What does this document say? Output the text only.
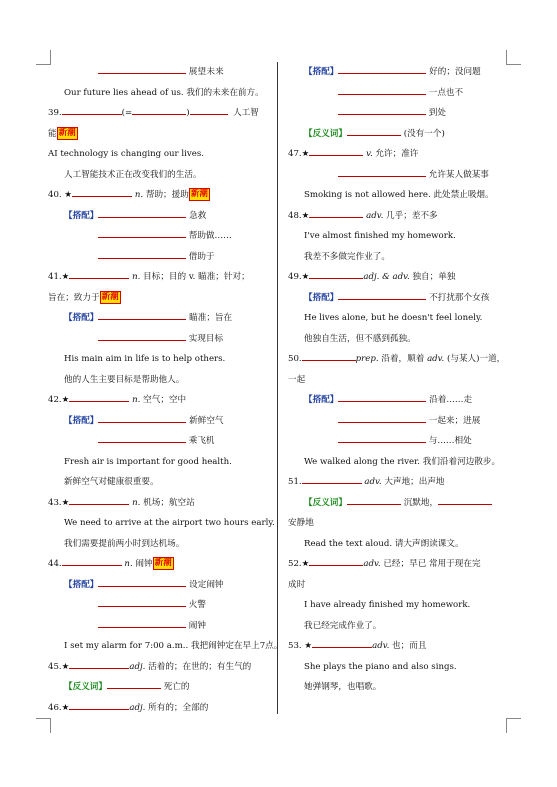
展望未来
Our future lies ahead of us. 我们的未来在前方。
39.	(=	)	人工智
能 新潮
AI technology is changing our lives.
人工智能技术正在改变我们的生活。
40. ★	n. 帮助；援助 新潮
【搭配】	急救
帮助做……
借助于
41.★	n. 目标；目的 v. 瞄准；针对；
旨在；致力于 新潮
【搭配】	瞄准；旨在
实现目标
His main aim in life is to help others.
他的人生主要目标是帮助他人。
42.★	n. 空气；空中
【搭配】	新鲜空气
乘飞机
Fresh air is important for good health.
新鲜空气对健康很重要。
43.★	n. 机场；航空站
We need to arrive at the airport two hours early.
我们需要提前两小时到达机场。
44.	n. 闹钟 新潮
【搭配】	设定闹钟
火警
闹钟
I set my alarm for 7:00 a.m.. 我把闹钟定在早上7点。
45.★	adj. 活着的；在世的；有生气的
【反义词】	死亡的
46.★	adj. 所有的；全部的
【搭配】	好的；没问题
一点也不
到处
【反义词】	(没有一个)
47.★	v. 允许；准许
允许某人做某事
Smoking is not allowed here. 此处禁止吸烟。
48.★	adv. 几乎；差不多
I've almost finished my homework.
我差不多做完作业了。
49.★	adj. & adv. 独自；单独
【搭配】	不打扰那个女孩
He lives alone, but he doesn't feel lonely.
他独自生活，但不感到孤独。
50.	prep. 沿着，顺着 adv. (与某人)一道，
一起
【搭配】	沿着……走
一起来；进展
与……相处
We walked along the river. 我们沿着河边散步。
51.	adv. 大声地；出声地
【反义词】	沉默地，
安静地
Read the text aloud. 请大声朗读课文。
52.★	adv. 已经；早已 常用于现在完
成时
I have already finished my homework.
我已经完成作业了。
53. ★	adv. 也；而且
She plays the piano and also sings.
她弹钢琴，也唱歌。
